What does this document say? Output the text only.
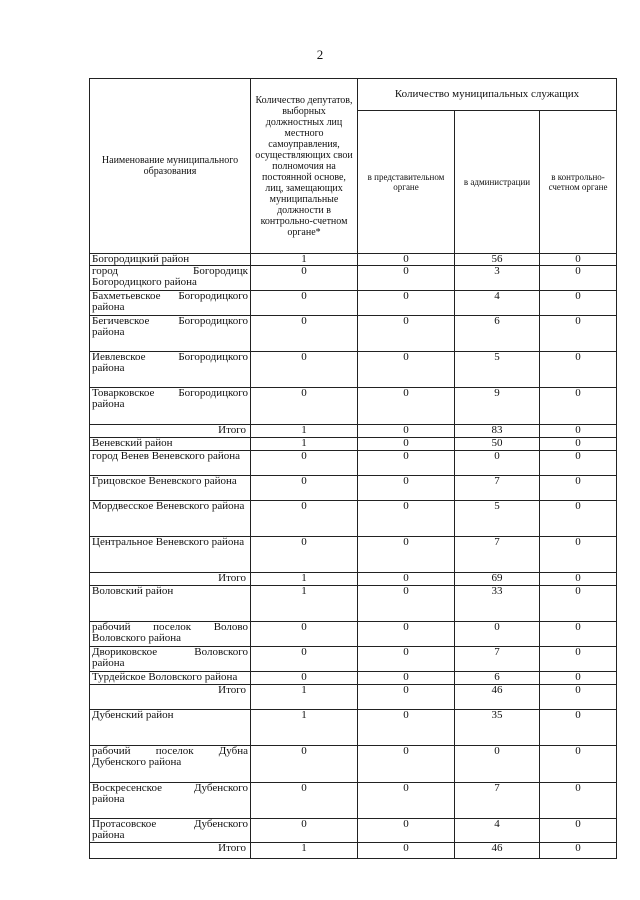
2
Наименование муниципального образования	Количество депутатов, выборных должностных лиц местного самоуправления, осуществляющих свои полномочия на постоянной основе, лиц, замещающих муниципальные должности в контрольно-счетном органе*	Количество муниципальных служащих		
		в представительном органе	в администрации	в контрольно-счетном органе
Богородицкий район	1	0	56	0
город Богородицк Богородицкого района	0	0	3	0
Бахметьевское Богородицкого района	0	0	4	0
Бегичевское Богородицкого района	0	0	6	0
Иевлевское Богородицкого района	0	0	5	0
Товарковское Богородицкого района	0	0	9	0
Итого	1	0	83	0
Веневский район	1	0	50	0
город Венев Веневского района	0	0	0	0
Грицовское Веневского района	0	0	7	0
Мордвесское Веневского района	0	0	5	0
Центральное Веневского района	0	0	7	0
Итого	1	0	69	0
Воловский район	1	0	33	0
рабочий поселок Волово Воловского района	0	0	0	0
Двориковское Воловского района	0	0	7	0
Турдейское Воловского района	0	0	6	0
Итого	1	0	46	0
Дубенский район	1	0	35	0
рабочий поселок Дубна Дубенского района	0	0	0	0
Воскресенское Дубенского района	0	0	7	0
Протасовское Дубенского района	0	0	4	0
Итого	1	0	46	0
